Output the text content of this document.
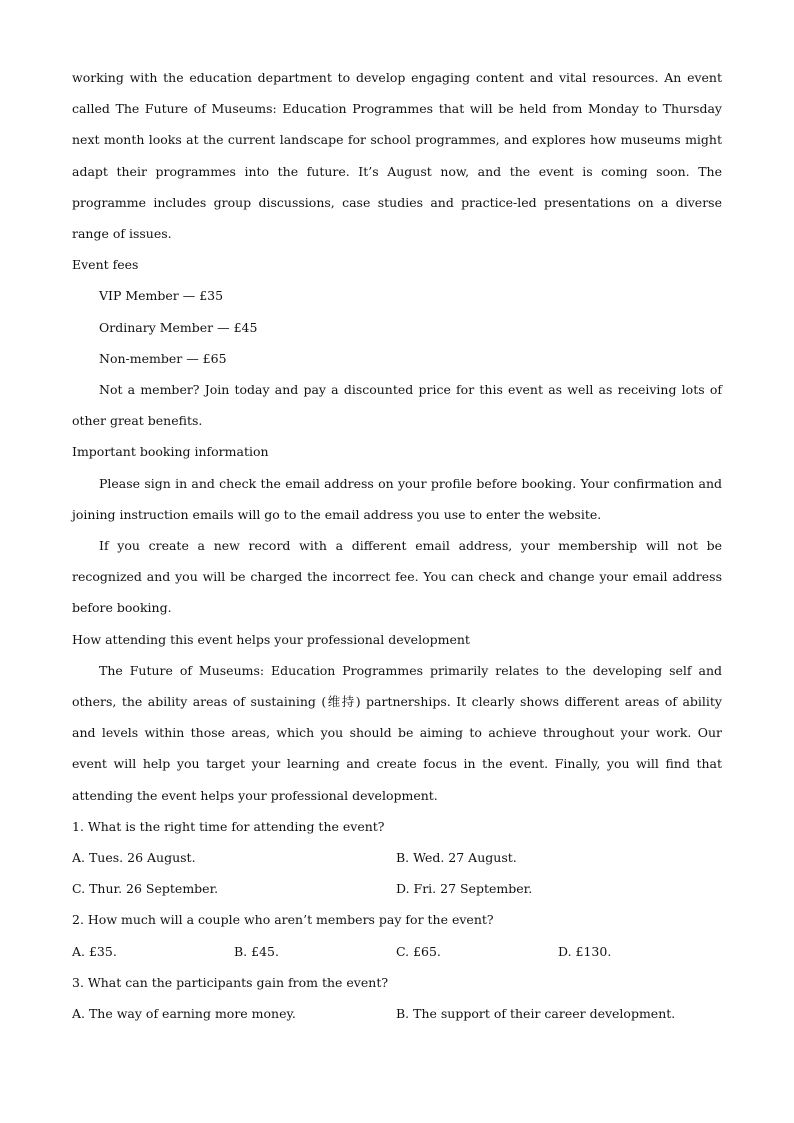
working with the education department to develop engaging content and vital resources. An event called The Future of Museums: Education Programmes that will be held from Monday to Thursday next month looks at the current landscape for school programmes, and explores how museums might adapt their programmes into the future. It’s August now, and the event is coming soon. The programme includes group discussions, case studies and practice-led presentations on a diverse range of issues.

Event fees

VIP Member — £35

Ordinary Member — £45

Non-member — £65

Not a member? Join today and pay a discounted price for this event as well as receiving lots of other great benefits.

Important booking information

Please sign in and check the email address on your profile before booking. Your confirmation and joining instruction emails will go to the email address you use to enter the website.

If you create a new record with a different email address, your membership will not be recognized and you will be charged the incorrect fee. You can check and change your email address before booking.

How attending this event helps your professional development

The Future of Museums: Education Programmes primarily relates to the developing self and others, the ability areas of sustaining (维持) partnerships. It clearly shows different areas of ability and levels within those areas, which you should be aiming to achieve throughout your work. Our event will help you target your learning and create focus in the event. Finally, you will find that attending the event helps your professional development.

1. What is the right time for attending the event?

A. Tues. 26 August.	B. Wed. 27 August.
C. Thur. 26 September.	D. Fri. 27 September.

2. How much will a couple who aren’t members pay for the event?

A. £35.	B. £45.	C. £65.	D. £130.

3. What can the participants gain from the event?

A. The way of earning more money.	B. The support of their career development.
